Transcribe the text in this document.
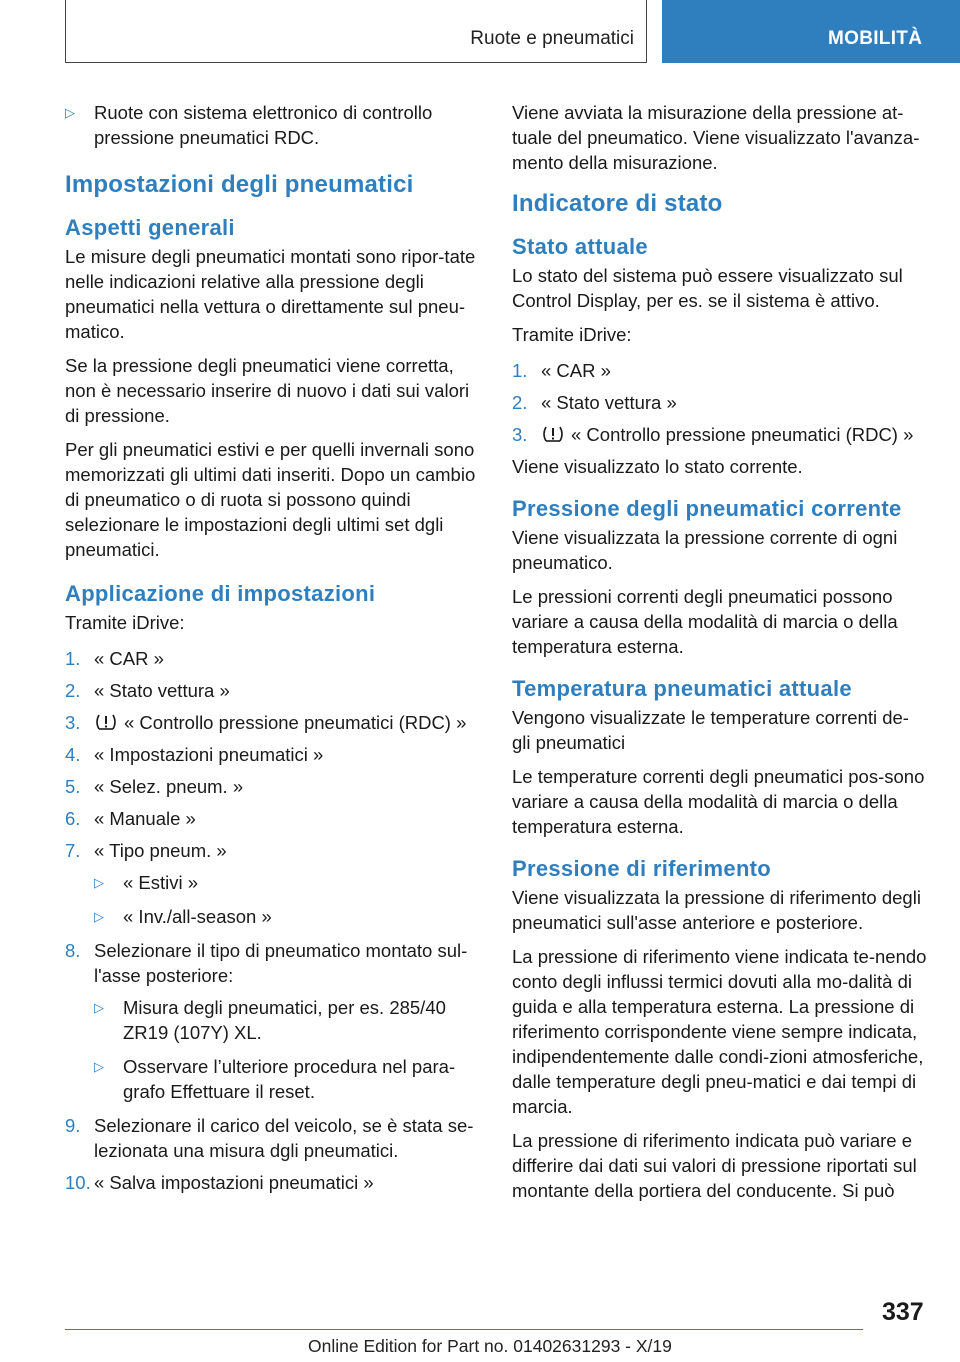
Ruote e pneumatici	MOBILITÀ
▷ Ruote con sistema elettronico di controllo pressione pneumatici RDC.
Impostazioni degli pneumatici
Aspetti generali

Le misure degli pneumatici montati sono ripor-tate nelle indicazioni relative alla pressione degli pneumatici nella vettura o direttamente sul pneu-matico.

Se la pressione degli pneumatici viene corretta, non è necessario inserire di nuovo i dati sui valori di pressione.

Per gli pneumatici estivi e per quelli invernali sono memorizzati gli ultimi dati inseriti. Dopo un cambio di pneumatico o di ruota si possono quindi selezionare le impostazioni degli ultimi set dgli pneumatici.

Applicazione di impostazioni

Tramite iDrive:

1. « CAR »
2. « Stato vettura »
3. « Controllo pressione pneumatici (RDC) »
4. « Impostazioni pneumatici »
5. « Selez. pneum. »
6. « Manuale »
7. « Tipo pneum. »
▷ « Estivi »
▷ « Inv./all-season »
8. Selezionare il tipo di pneumatico montato sul-l'asse posteriore:
▷ Misura degli pneumatici, per es. 285/40 ZR19 (107Y) XL.
▷ Osservare l’ulteriore procedura nel para-grafo Effettuare il reset.
9. Selezionare il carico del veicolo, se è stata se-lezionata una misura dgli pneumatici.
10. « Salva impostazioni pneumatici »

Viene avviata la misurazione della pressione at-tuale del pneumatico. Viene visualizzato l'avanza-mento della misurazione.

Indicatore di stato
Stato attuale

Lo stato del sistema può essere visualizzato sul Control Display, per es. se il sistema è attivo.

Tramite iDrive:

1. « CAR »
2. « Stato vettura »
3. « Controllo pressione pneumatici (RDC) »

Viene visualizzato lo stato corrente.

Pressione degli pneumatici corrente

Viene visualizzata la pressione corrente di ogni pneumatico.

Le pressioni correnti degli pneumatici possono variare a causa della modalità di marcia o della temperatura esterna.

Temperatura pneumatici attuale

Vengono visualizzate le temperature correnti de-gli pneumatici

Le temperature correnti degli pneumatici pos-sono variare a causa della modalità di marcia o della temperatura esterna.

Pressione di riferimento

Viene visualizzata la pressione di riferimento degli pneumatici sull'asse anteriore e posteriore.

La pressione di riferimento viene indicata te-nendo conto degli influssi termici dovuti alla mo-dalità di guida e alla temperatura esterna. La pressione di riferimento corrispondente viene sempre indicata, indipendentemente dalle condi-zioni atmosferiche, dalle temperature degli pneu-matici e dai tempi di marcia.

La pressione di riferimento indicata può variare e differire dai dati sui valori di pressione riportati sul montante della portiera del conducente. Si può

337
Online Edition for Part no. 01402631293 - X/19
